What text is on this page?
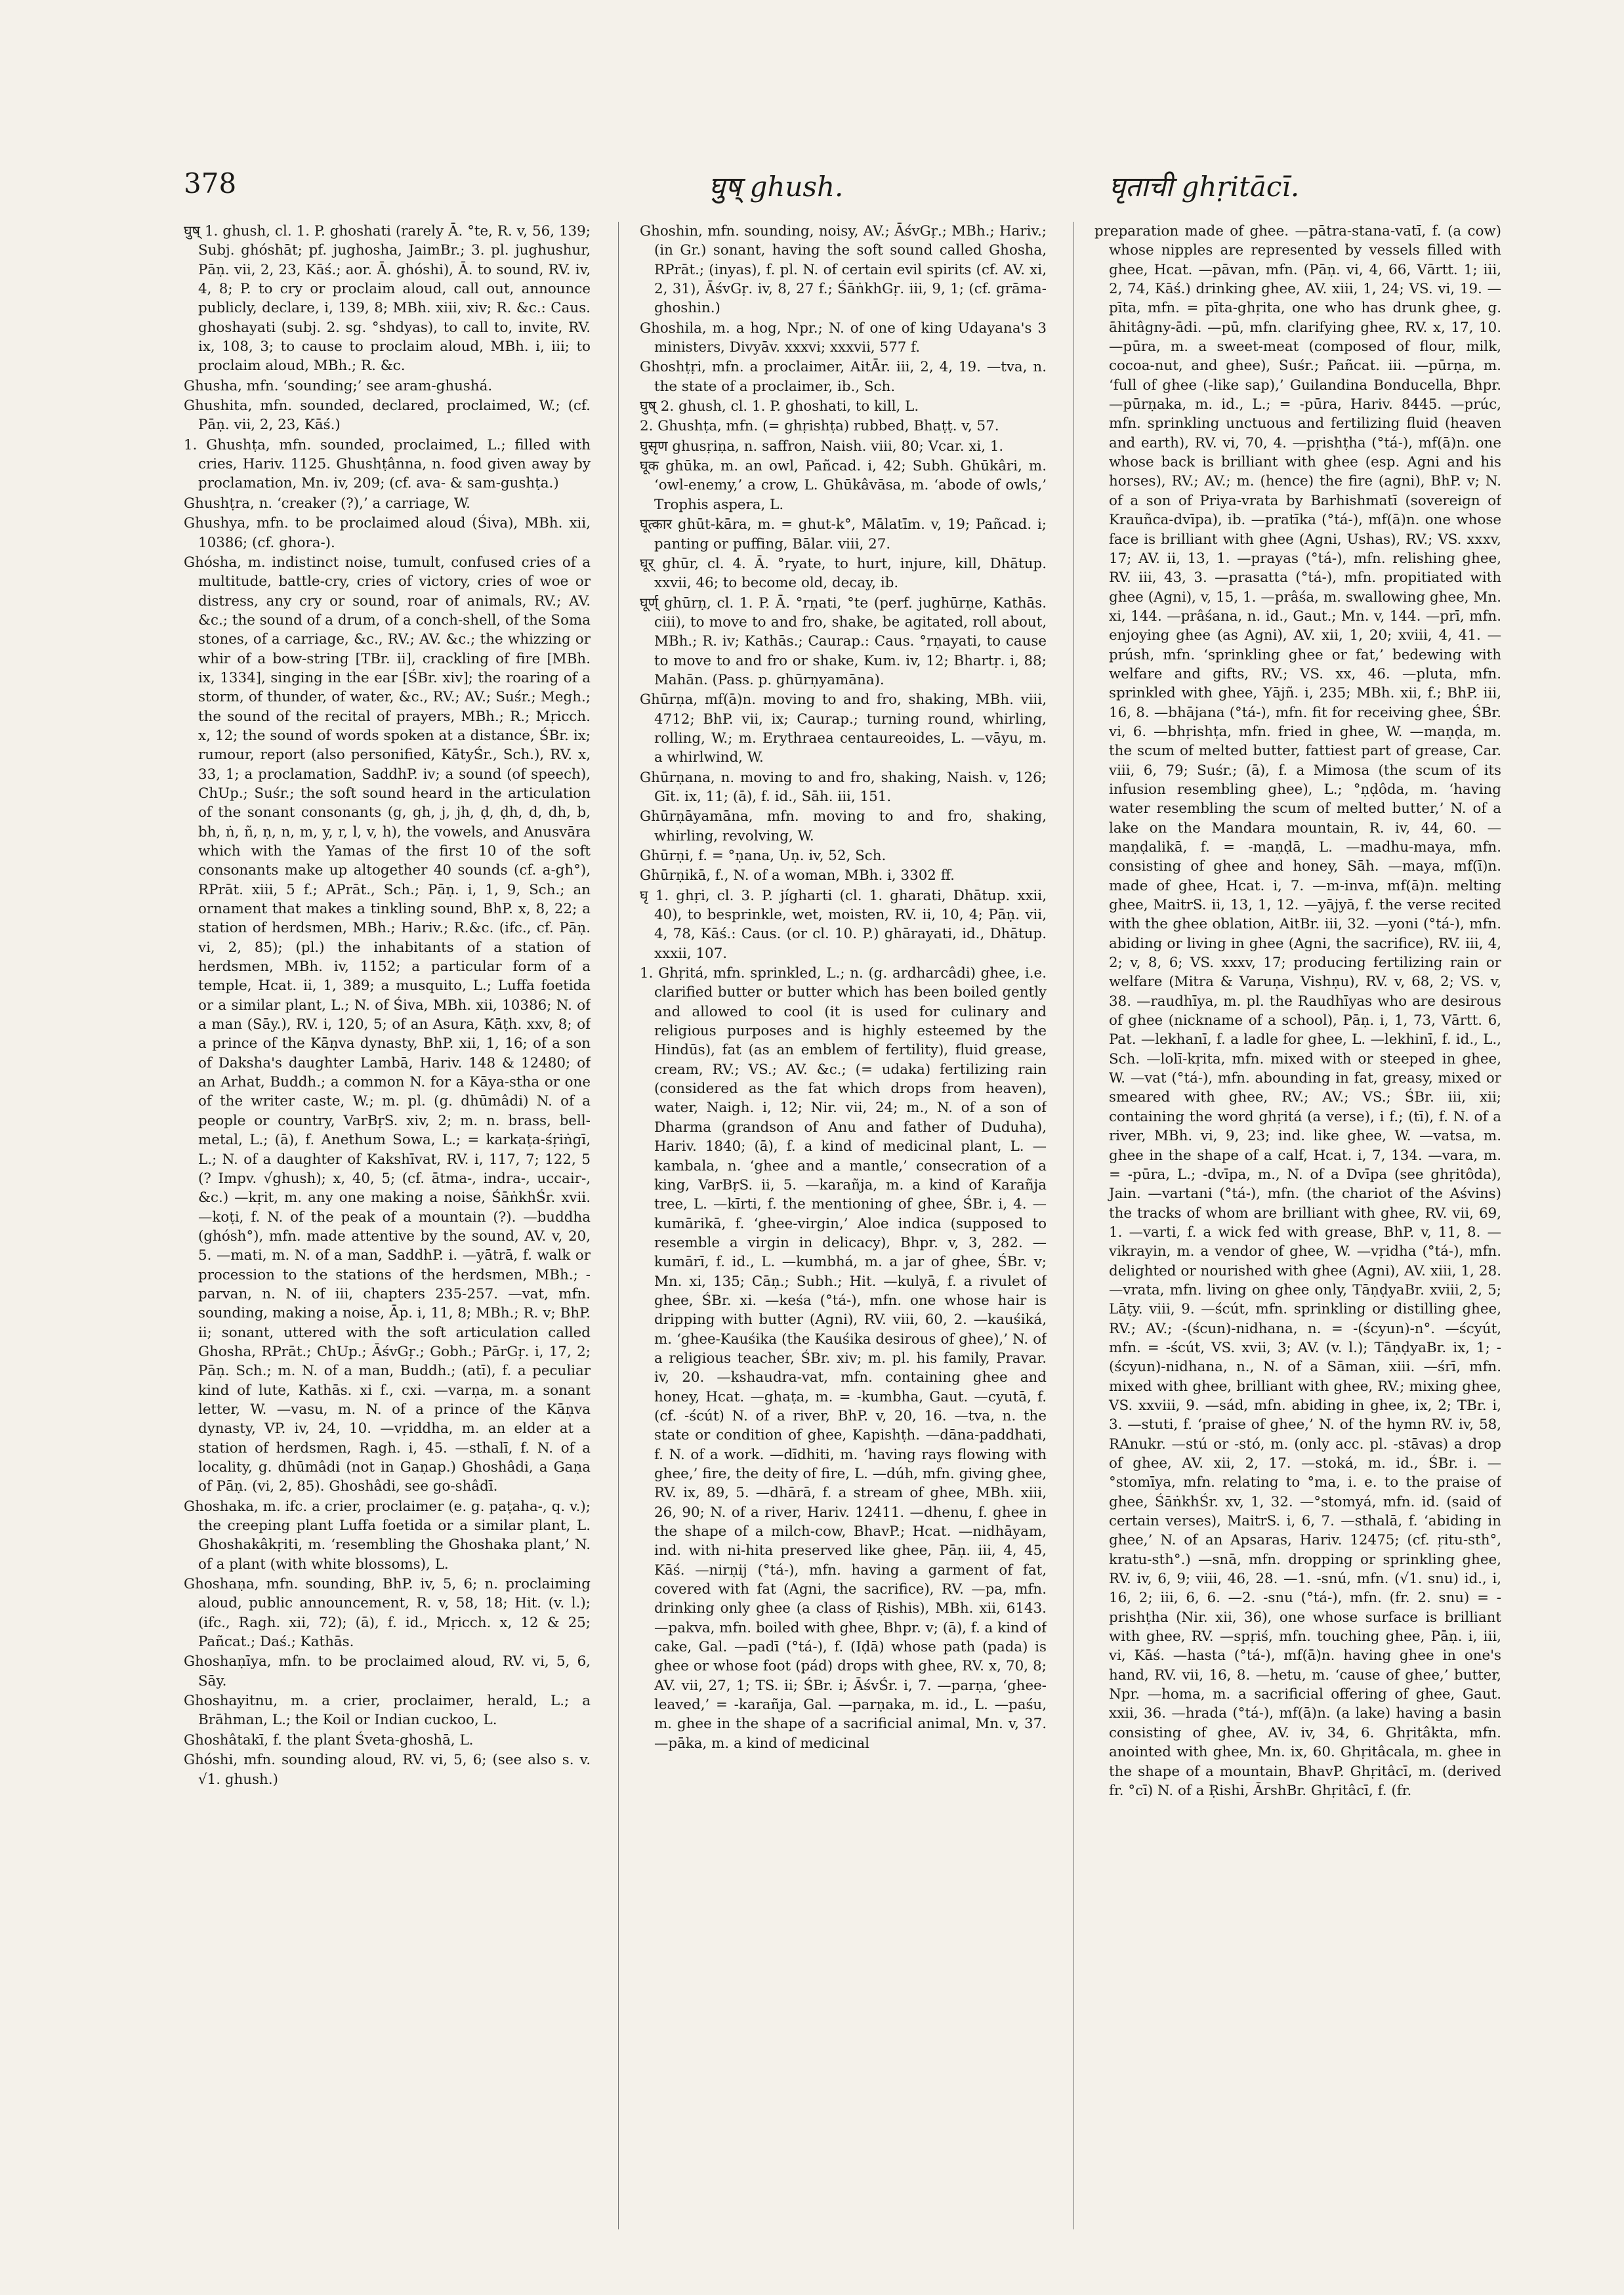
378	घुष् ghush.	घृताची ghṛitācī.

घुष् 1. ghush, cl. 1. P. ghoshati (rarely Ā. °te, R. v, 56, 139; Subj. ghóshāt; pf. jughosha, JaimBr.; 3. pl. jughushur, Pāṇ. vii, 2, 23, Kāś.; aor. Ā. ghóshi), Ā. to sound, RV. iv, 4, 8; P. to cry or proclaim aloud, call out, announce publicly, declare, i, 139, 8; MBh. xiii, xiv; R. &c.: Caus. ghoshayati (subj. 2. sg. °shdyas), to call to, invite, RV. ix, 108, 3; to cause to proclaim aloud, MBh. i, iii; to proclaim aloud, MBh.; R. &c.

Ghusha, mfn. ‘sounding;’ see aram-ghushá.

Ghushita, mfn. sounded, declared, proclaimed, W.; (cf. Pāṇ. vii, 2, 23, Kāś.)

1. Ghushṭa, mfn. sounded, proclaimed, L.; filled with cries, Hariv. 1125. Ghushṭânna, n. food given away by proclamation, Mn. iv, 209; (cf. ava- & sam-gushṭa.)

Ghushṭra, n. ‘creaker (?),’ a carriage, W.

Ghushya, mfn. to be proclaimed aloud (Śiva), MBh. xii, 10386; (cf. ghora-).

Ghósha, m. indistinct noise, tumult, confused cries of a multitude, battle-cry, cries of victory, cries of woe or distress, any cry or sound, roar of animals, RV.; AV. &c.; the sound of a drum, of a conch-shell, of the Soma stones, of a carriage, &c., RV.; AV. &c.; the whizzing or whir of a bow-string [TBr. ii], crackling of fire [MBh. ix, 1334], singing in the ear [ŚBr. xiv]; the roaring of a storm, of thunder, of water, &c., RV.; AV.; Suśr.; Megh.; the sound of the recital of prayers, MBh.; R.; Mṛicch. x, 12; the sound of words spoken at a distance, ŚBr. ix; rumour, report (also personified, KātyŚr., Sch.), RV. x, 33, 1; a proclamation, SaddhP. iv; a sound (of speech), ChUp.; Suśr.; the soft sound heard in the articulation of the sonant consonants (g, gh, j, jh, ḍ, ḍh, d, dh, b, bh, ṅ, ñ, ṇ, n, m, y, r, l, v, h), the vowels, and Anusvāra which with the Yamas of the first 10 of the soft consonants make up altogether 40 sounds (cf. a-gh°), RPrāt. xiii, 5 f.; APrāt., Sch.; Pāṇ. i, 1, 9, Sch.; an ornament that makes a tinkling sound, BhP. x, 8, 22; a station of herdsmen, MBh.; Hariv.; R.&c. (ifc., cf. Pāṇ. vi, 2, 85); (pl.) the inhabitants of a station of herdsmen, MBh. iv, 1152; a particular form of a temple, Hcat. ii, 1, 389; a musquito, L.; Luffa foetida or a similar plant, L.; N. of Śiva, MBh. xii, 10386; N. of a man (Sāy.), RV. i, 120, 5; of an Asura, Kāṭh. xxv, 8; of a prince of the Kāṇva dynasty, BhP. xii, 1, 16; of a son of Daksha's daughter Lambā, Hariv. 148 & 12480; of an Arhat, Buddh.; a common N. for a Kāya-stha or one of the writer caste, W.; m. pl. (g. dhūmâdi) N. of a people or country, VarBṛS. xiv, 2; m. n. brass, bell-metal, L.; (ā), f. Anethum Sowa, L.; = karkaṭa-śṛiṅgī, L.; N. of a daughter of Kakshīvat, RV. i, 117, 7; 122, 5 (? Impv. √ghush); x, 40, 5; (cf. ātma-, indra-, uccair-, &c.) —kṛit, m. any one making a noise, ŚāṅkhŚr. xvii. —koṭi, f. N. of the peak of a mountain (?). —buddha (ghósh°), mfn. made attentive by the sound, AV. v, 20, 5. —mati, m. N. of a man, SaddhP. i. —yātrā, f. walk or procession to the stations of the herdsmen, MBh.; -parvan, n. N. of iii, chapters 235-257. —vat, mfn. sounding, making a noise, Āp. i, 11, 8; MBh.; R. v; BhP. ii; sonant, uttered with the soft articulation called Ghosha, RPrāt.; ChUp.; ĀśvGṛ.; Gobh.; PārGṛ. i, 17, 2; Pāṇ. Sch.; m. N. of a man, Buddh.; (atī), f. a peculiar kind of lute, Kathās. xi f., cxi. —varṇa, m. a sonant letter, W. —vasu, m. N. of a prince of the Kāṇva dynasty, VP. iv, 24, 10. —vṛiddha, m. an elder at a station of herdsmen, Ragh. i, 45. —sthalī, f. N. of a locality, g. dhūmâdi (not in Gaṇap.) Ghoshâdi, a Gaṇa of Pāṇ. (vi, 2, 85). Ghoshâdi, see go-shâdī.

Ghoshaka, m. ifc. a crier, proclaimer (e. g. paṭaha-, q. v.); the creeping plant Luffa foetida or a similar plant, L. Ghoshakâkṛiti, m. ‘resembling the Ghoshaka plant,’ N. of a plant (with white blossoms), L.

Ghoshaṇa, mfn. sounding, BhP. iv, 5, 6; n. proclaiming aloud, public announcement, R. v, 58, 18; Hit. (v. l.); (ifc., Ragh. xii, 72); (ā), f. id., Mṛicch. x, 12 & 25; Pañcat.; Daś.; Kathās.

Ghoshaṇīya, mfn. to be proclaimed aloud, RV. vi, 5, 6, Sāy.

Ghoshayitnu, m. a crier, proclaimer, herald, L.; a Brāhman, L.; the Koil or Indian cuckoo, L.

Ghoshâtakī, f. the plant Śveta-ghoshā, L.

Ghóshi, mfn. sounding aloud, RV. vi, 5, 6; (see also s. v. √1. ghush.)

Ghoshin, mfn. sounding, noisy, AV.; ĀśvGṛ.; MBh.; Hariv.; (in Gr.) sonant, having the soft sound called Ghosha, RPrāt.; (inyas), f. pl. N. of certain evil spirits (cf. AV. xi, 2, 31), ĀśvGṛ. iv, 8, 27 f.; ŚāṅkhGṛ. iii, 9, 1; (cf. grāma-ghoshin.)

Ghoshila, m. a hog, Npr.; N. of one of king Udayana's 3 ministers, Divyāv. xxxvi; xxxvii, 577 f.

Ghoshṭṛi, mfn. a proclaimer, AitĀr. iii, 2, 4, 19. —tva, n. the state of a proclaimer, ib., Sch.

घुष् 2. ghush, cl. 1. P. ghoshati, to kill, L.

2. Ghushṭa, mfn. (= ghṛishṭa) rubbed, Bhaṭṭ. v, 57.

घुसृण ghusṛiṇa, n. saffron, Naish. viii, 80; Vcar. xi, 1.

घूक ghūka, m. an owl, Pañcad. i, 42; Subh. Ghūkâri, m. ‘owl-enemy,’ a crow, L. Ghūkâvāsa, m. ‘abode of owls,’ Trophis aspera, L.

घूत्कार ghūt-kāra, m. = ghut-k°, Mālatīm. v, 19; Pañcad. i; panting or puffing, Bālar. viii, 27.

घूर् ghūr, cl. 4. Ā. °ryate, to hurt, injure, kill, Dhātup. xxvii, 46; to become old, decay, ib.

घूर्ण् ghūrṇ, cl. 1. P. Ā. °rṇati, °te (perf. jughūrṇe, Kathās. ciii), to move to and fro, shake, be agitated, roll about, MBh.; R. iv; Kathās.; Caurap.: Caus. °rṇayati, to cause to move to and fro or shake, Kum. iv, 12; Bhartṛ. i, 88; Mahān. (Pass. p. ghūrṇyamāna).

Ghūrṇa, mf(ā)n. moving to and fro, shaking, MBh. viii, 4712; BhP. vii, ix; Caurap.; turning round, whirling, rolling, W.; m. Erythraea centaureoides, L. —vāyu, m. a whirlwind, W.

Ghūrṇana, n. moving to and fro, shaking, Naish. v, 126; Gīt. ix, 11; (ā), f. id., Sāh. iii, 151.

Ghūrṇāyamāna, mfn. moving to and fro, shaking, whirling, revolving, W.

Ghūrṇi, f. = °ṇana, Uṇ. iv, 52, Sch.

Ghūrṇikā, f., N. of a woman, MBh. i, 3302 ff.

घृ 1. ghṛi, cl. 3. P. jígharti (cl. 1. gharati, Dhātup. xxii, 40), to besprinkle, wet, moisten, RV. ii, 10, 4; Pāṇ. vii, 4, 78, Kāś.: Caus. (or cl. 10. P.) ghārayati, id., Dhātup. xxxii, 107.

1. Ghṛitá, mfn. sprinkled, L.; n. (g. ardharcâdi) ghee, i.e. clarified butter or butter which has been boiled gently and allowed to cool (it is used for culinary and religious purposes and is highly esteemed by the Hindūs), fat (as an emblem of fertility), fluid grease, cream, RV.; VS.; AV. &c.; (= udaka) fertilizing rain (considered as the fat which drops from heaven), water, Naigh. i, 12; Nir. vii, 24; m., N. of a son of Dharma (grandson of Anu and father of Duduha), Hariv. 1840; (ā), f. a kind of medicinal plant, L. —kambala, n. ‘ghee and a mantle,’ consecration of a king, VarBṛS. ii, 5. —karañja, m. a kind of Karañja tree, L. —kīrti, f. the mentioning of ghee, ŚBr. i, 4. —kumārikā, f. ‘ghee-virgin,’ Aloe indica (supposed to resemble a virgin in delicacy), Bhpr. v, 3, 282. —kumārī, f. id., L. —kumbhá, m. a jar of ghee, ŚBr. v; Mn. xi, 135; Cāṇ.; Subh.; Hit. —kulyā, f. a rivulet of ghee, ŚBr. xi. —keśa (°tá-), mfn. one whose hair is dripping with butter (Agni), RV. viii, 60, 2. —kauśiká, m. ‘ghee-Kauśika (the Kauśika desirous of ghee),’ N. of a religious teacher, ŚBr. xiv; m. pl. his family, Pravar. iv, 20. —kshaudra-vat, mfn. containing ghee and honey, Hcat. —ghaṭa, m. = -kumbha, Gaut. —cyutā, f. (cf. -ścút) N. of a river, BhP. v, 20, 16. —tva, n. the state or condition of ghee, Kapishṭh. —dāna-paddhati, f. N. of a work. —dīdhiti, m. ‘having rays flowing with ghee,’ fire, the deity of fire, L. —dúh, mfn. giving ghee, RV. ix, 89, 5. —dhārā, f. a stream of ghee, MBh. xiii, 26, 90; N. of a river, Hariv. 12411. —dhenu, f. ghee in the shape of a milch-cow, BhavP.; Hcat. —nidhāyam, ind. with ni-hita preserved like ghee, Pāṇ. iii, 4, 45, Kāś. —nirṇij (°tá-), mfn. having a garment of fat, covered with fat (Agni, the sacrifice), RV. —pa, mfn. drinking only ghee (a class of Ṛishis), MBh. xii, 6143. —pakva, mfn. boiled with ghee, Bhpr. v; (ā), f. a kind of cake, Gal. —padī (°tá-), f. (Iḍā) whose path (pada) is ghee or whose foot (pád) drops with ghee, RV. x, 70, 8; AV. vii, 27, 1; TS. ii; ŚBr. i; ĀśvŚr. i, 7. —parṇa, ‘ghee-leaved,’ = -karañja, Gal. —parṇaka, m. id., L. —paśu, m. ghee in the shape of a sacrificial animal, Mn. v, 37. —pāka, m. a kind of medicinal

preparation made of ghee. —pātra-stana-vatī, f. (a cow) whose nipples are represented by vessels filled with ghee, Hcat. —pāvan, mfn. (Pāṇ. vi, 4, 66, Vārtt. 1; iii, 2, 74, Kāś.) drinking ghee, AV. xiii, 1, 24; VS. vi, 19. —pīta, mfn. = pīta-ghṛita, one who has drunk ghee, g. āhitâgny-ādi. —pū, mfn. clarifying ghee, RV. x, 17, 10. —pūra, m. a sweet-meat (composed of flour, milk, cocoa-nut, and ghee), Suśr.; Pañcat. iii. —pūrṇa, m. ‘full of ghee (-like sap),’ Guilandina Bonducella, Bhpr. —pūrṇaka, m. id., L.; = -pūra, Hariv. 8445. —prúc, mfn. sprinkling unctuous and fertilizing fluid (heaven and earth), RV. vi, 70, 4. —pṛishṭha (°tá-), mf(ā)n. one whose back is brilliant with ghee (esp. Agni and his horses), RV.; AV.; m. (hence) the fire (agni), BhP. v; N. of a son of Priya-vrata by Barhishmatī (sovereign of Krauñca-dvīpa), ib. —pratīka (°tá-), mf(ā)n. one whose face is brilliant with ghee (Agni, Ushas), RV.; VS. xxxv, 17; AV. ii, 13, 1. —prayas (°tá-), mfn. relishing ghee, RV. iii, 43, 3. —prasatta (°tá-), mfn. propitiated with ghee (Agni), v, 15, 1. —prâśa, m. swallowing ghee, Mn. xi, 144. —prâśana, n. id., Gaut.; Mn. v, 144. —prī, mfn. enjoying ghee (as Agni), AV. xii, 1, 20; xviii, 4, 41. —prúsh, mfn. ‘sprinkling ghee or fat,’ bedewing with welfare and gifts, RV.; VS. xx, 46. —pluta, mfn. sprinkled with ghee, Yājñ. i, 235; MBh. xii, f.; BhP. iii, 16, 8. —bhājana (°tá-), mfn. fit for receiving ghee, ŚBr. vi, 6. —bhṛishṭa, mfn. fried in ghee, W. —maṇḍa, m. the scum of melted butter, fattiest part of grease, Car. viii, 6, 79; Suśr.; (ā), f. a Mimosa (the scum of its infusion resembling ghee), L.; °ṇḍôda, m. ‘having water resembling the scum of melted butter,’ N. of a lake on the Mandara mountain, R. iv, 44, 60. —maṇḍalikā, f. = -maṇḍā, L. —madhu-maya, mfn. consisting of ghee and honey, Sāh. —maya, mf(ī)n. made of ghee, Hcat. i, 7. —m-inva, mf(ā)n. melting ghee, MaitrS. ii, 13, 1, 12. —yājyā, f. the verse recited with the ghee oblation, AitBr. iii, 32. —yoni (°tá-), mfn. abiding or living in ghee (Agni, the sacrifice), RV. iii, 4, 2; v, 8, 6; VS. xxxv, 17; producing fertilizing rain or welfare (Mitra & Varuṇa, Vishṇu), RV. v, 68, 2; VS. v, 38. —raudhīya, m. pl. the Raudhīyas who are desirous of ghee (nickname of a school), Pāṇ. i, 1, 73, Vārtt. 6, Pat. —lekhanī, f. a ladle for ghee, L. —lekhinī, f. id., L., Sch. —lolī-kṛita, mfn. mixed with or steeped in ghee, W. —vat (°tá-), mfn. abounding in fat, greasy, mixed or smeared with ghee, RV.; AV.; VS.; ŚBr. iii, xii; containing the word ghṛitá (a verse), i f.; (tī), f. N. of a river, MBh. vi, 9, 23; ind. like ghee, W. —vatsa, m. ghee in the shape of a calf, Hcat. i, 7, 134. —vara, m. = -pūra, L.; -dvīpa, m., N. of a Dvīpa (see ghṛitôda), Jain. —vartani (°tá-), mfn. (the chariot of the Aśvins) the tracks of whom are brilliant with ghee, RV. vii, 69, 1. —varti, f. a wick fed with grease, BhP. v, 11, 8. —vikrayin, m. a vendor of ghee, W. —vṛidha (°tá-), mfn. delighted or nourished with ghee (Agni), AV. xiii, 1, 28. —vrata, mfn. living on ghee only, TāṇḍyaBr. xviii, 2, 5; Lāṭy. viii, 9. —ścút, mfn. sprinkling or distilling ghee, RV.; AV.; -(ścun)-nidhana, n. = -(ścyun)-n°. —ścyút, mfn. = -ścút, VS. xvii, 3; AV. (v. l.); TāṇḍyaBr. ix, 1; -(ścyun)-nidhana, n., N. of a Sāman, xiii. —śrī, mfn. mixed with ghee, brilliant with ghee, RV.; mixing ghee, VS. xxviii, 9. —sád, mfn. abiding in ghee, ix, 2; TBr. i, 3. —stuti, f. ‘praise of ghee,’ N. of the hymn RV. iv, 58, RAnukr. —stú or -stó, m. (only acc. pl. -stāvas) a drop of ghee, AV. xii, 2, 17. —stoká, m. id., ŚBr. i. —°stomīya, mfn. relating to °ma, i. e. to the praise of ghee, ŚāṅkhŚr. xv, 1, 32. —°stomyá, mfn. id. (said of certain verses), MaitrS. i, 6, 7. —sthalā, f. ‘abiding in ghee,’ N. of an Apsaras, Hariv. 12475; (cf. ṛitu-sth°, kratu-sth°.) —snā, mfn. dropping or sprinkling ghee, RV. iv, 6, 9; viii, 46, 28. —1. -snú, mfn. (√1. snu) id., i, 16, 2; iii, 6, 6. —2. -snu (°tá-), mfn. (fr. 2. snu) = -prishṭha (Nir. xii, 36), one whose surface is brilliant with ghee, RV. —spṛiś, mfn. touching ghee, Pāṇ. i, iii, vi, Kāś. —hasta (°tá-), mf(ā)n. having ghee in one's hand, RV. vii, 16, 8. —hetu, m. ‘cause of ghee,’ butter, Npr. —homa, m. a sacrificial offering of ghee, Gaut. xxii, 36. —hrada (°tá-), mf(ā)n. (a lake) having a basin consisting of ghee, AV. iv, 34, 6. Ghṛitâkta, mfn. anointed with ghee, Mn. ix, 60. Ghṛitâcala, m. ghee in the shape of a mountain, BhavP. Ghṛitâcī, m. (derived fr. °cī) N. of a Ṛishi, ĀrshBr. Ghṛitâcī, f. (fr.
